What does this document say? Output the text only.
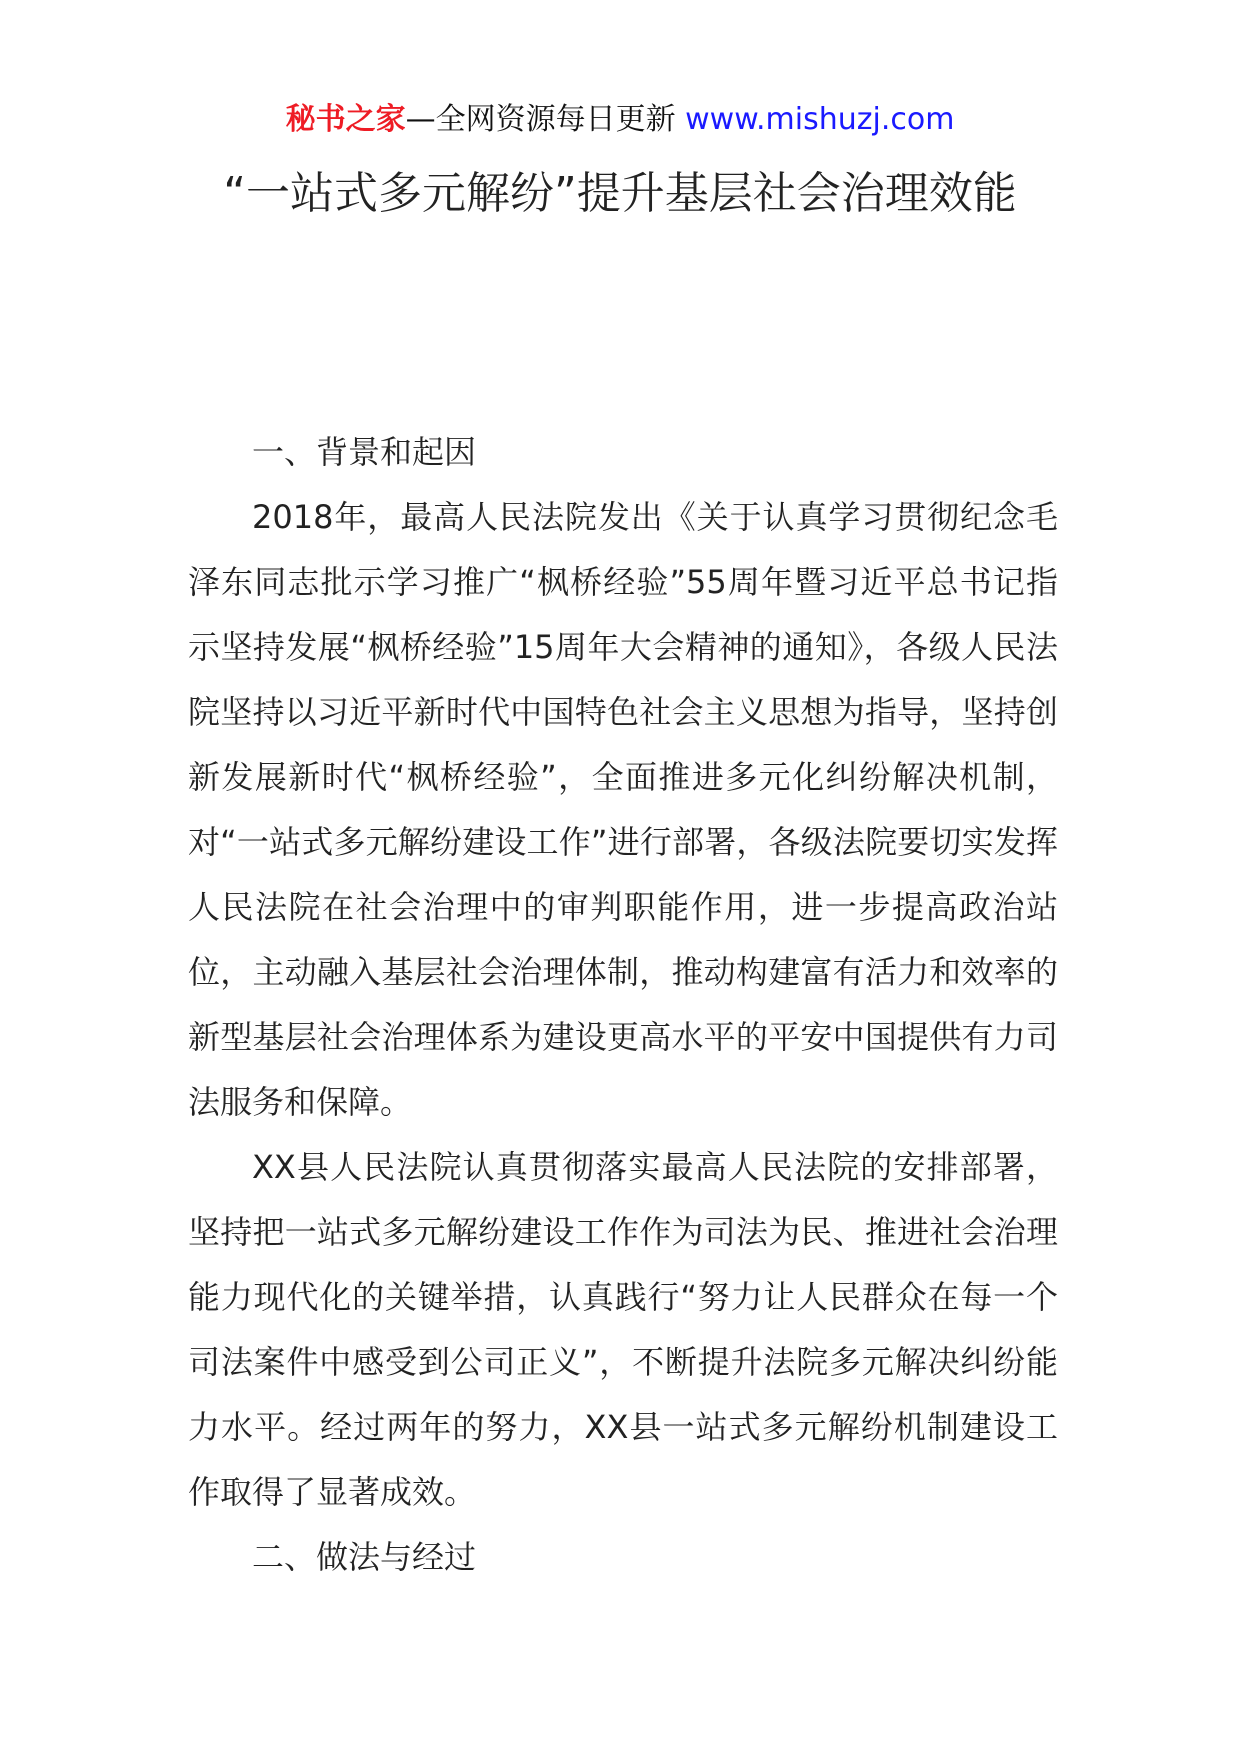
秘书之家—全网资源每日更新 www.mishuzj.com
“一站式多元解纷”提升基层社会治理效能

一、背景和起因

2018年，最高人民法院发出《关于认真学习贯彻纪念毛泽东同志批示学习推广“枫桥经验”55周年暨习近平总书记指示坚持发展“枫桥经验”15周年大会精神的通知》，各级人民法院坚持以习近平新时代中国特色社会主义思想为指导，坚持创新发展新时代“枫桥经验”，全面推进多元化纠纷解决机制，对“一站式多元解纷建设工作”进行部署，各级法院要切实发挥人民法院在社会治理中的审判职能作用，进一步提高政治站位，主动融入基层社会治理体制，推动构建富有活力和效率的新型基层社会治理体系为建设更高水平的平安中国提供有力司法服务和保障。

XX县人民法院认真贯彻落实最高人民法院的安排部署，坚持把一站式多元解纷建设工作作为司法为民、推进社会治理能力现代化的关键举措，认真践行“努力让人民群众在每一个司法案件中感受到公司正义”，不断提升法院多元解决纠纷能力水平。经过两年的努力，XX县一站式多元解纷机制建设工作取得了显著成效。

二、做法与经过
